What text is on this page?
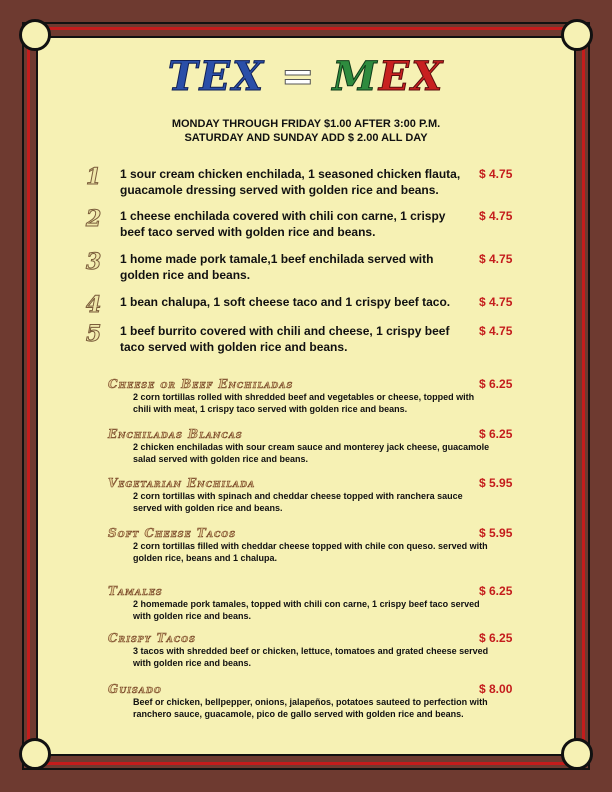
TEX = MEX
MONDAY THROUGH FRIDAY $1.00 AFTER 3:00 P.M.
SATURDAY AND SUNDAY ADD $ 2.00 ALL DAY
1	1 sour cream chicken enchilada, 1 seasoned chicken flauta, guacamole dressing served with golden rice and beans.
$ 4.75
2	1 cheese enchilada covered with chili con carne, 1 crispy beef taco served with golden rice and beans.
$ 4.75
3	1 home made pork tamale,1 beef enchilada served with golden rice and beans.
$ 4.75
4	1 bean chalupa, 1 soft cheese taco and 1 crispy beef taco.	$ 4.75
5	1 beef burrito covered with chili and cheese, 1 crispy beef taco served with golden rice and beans.
$ 4.75
Cheese or Beef Enchiladas
2 corn tortillas rolled with shredded beef and vegetables or cheese, topped with chili with meat, 1 crispy taco served with golden rice and beans.
$ 6.25
Enchiladas Blancas
2 chicken enchiladas with sour cream sauce and monterey jack cheese, guacamole salad served with golden rice and beans.
$ 6.25
Vegetarian Enchilada
2 corn tortillas with spinach and cheddar cheese topped with ranchera sauce served with golden rice and beans.
$ 5.95
Soft Cheese Tacos
2 corn tortillas filled with cheddar cheese topped with chile con queso. served with golden rice, beans and 1 chalupa.
$ 5.95
Tamales
2 homemade pork tamales, topped with chili con carne, 1 crispy beef taco served with golden rice and beans.
$ 6.25
Crispy Tacos
3 tacos with shredded beef or chicken, lettuce, tomatoes and grated cheese served with golden rice and beans.
$ 6.25
Guisado
Beef or chicken, bellpepper, onions, jalapeños, potatoes sauteed to perfection with ranchero sauce, guacamole, pico de gallo served with golden rice and beans.
$ 8.00
